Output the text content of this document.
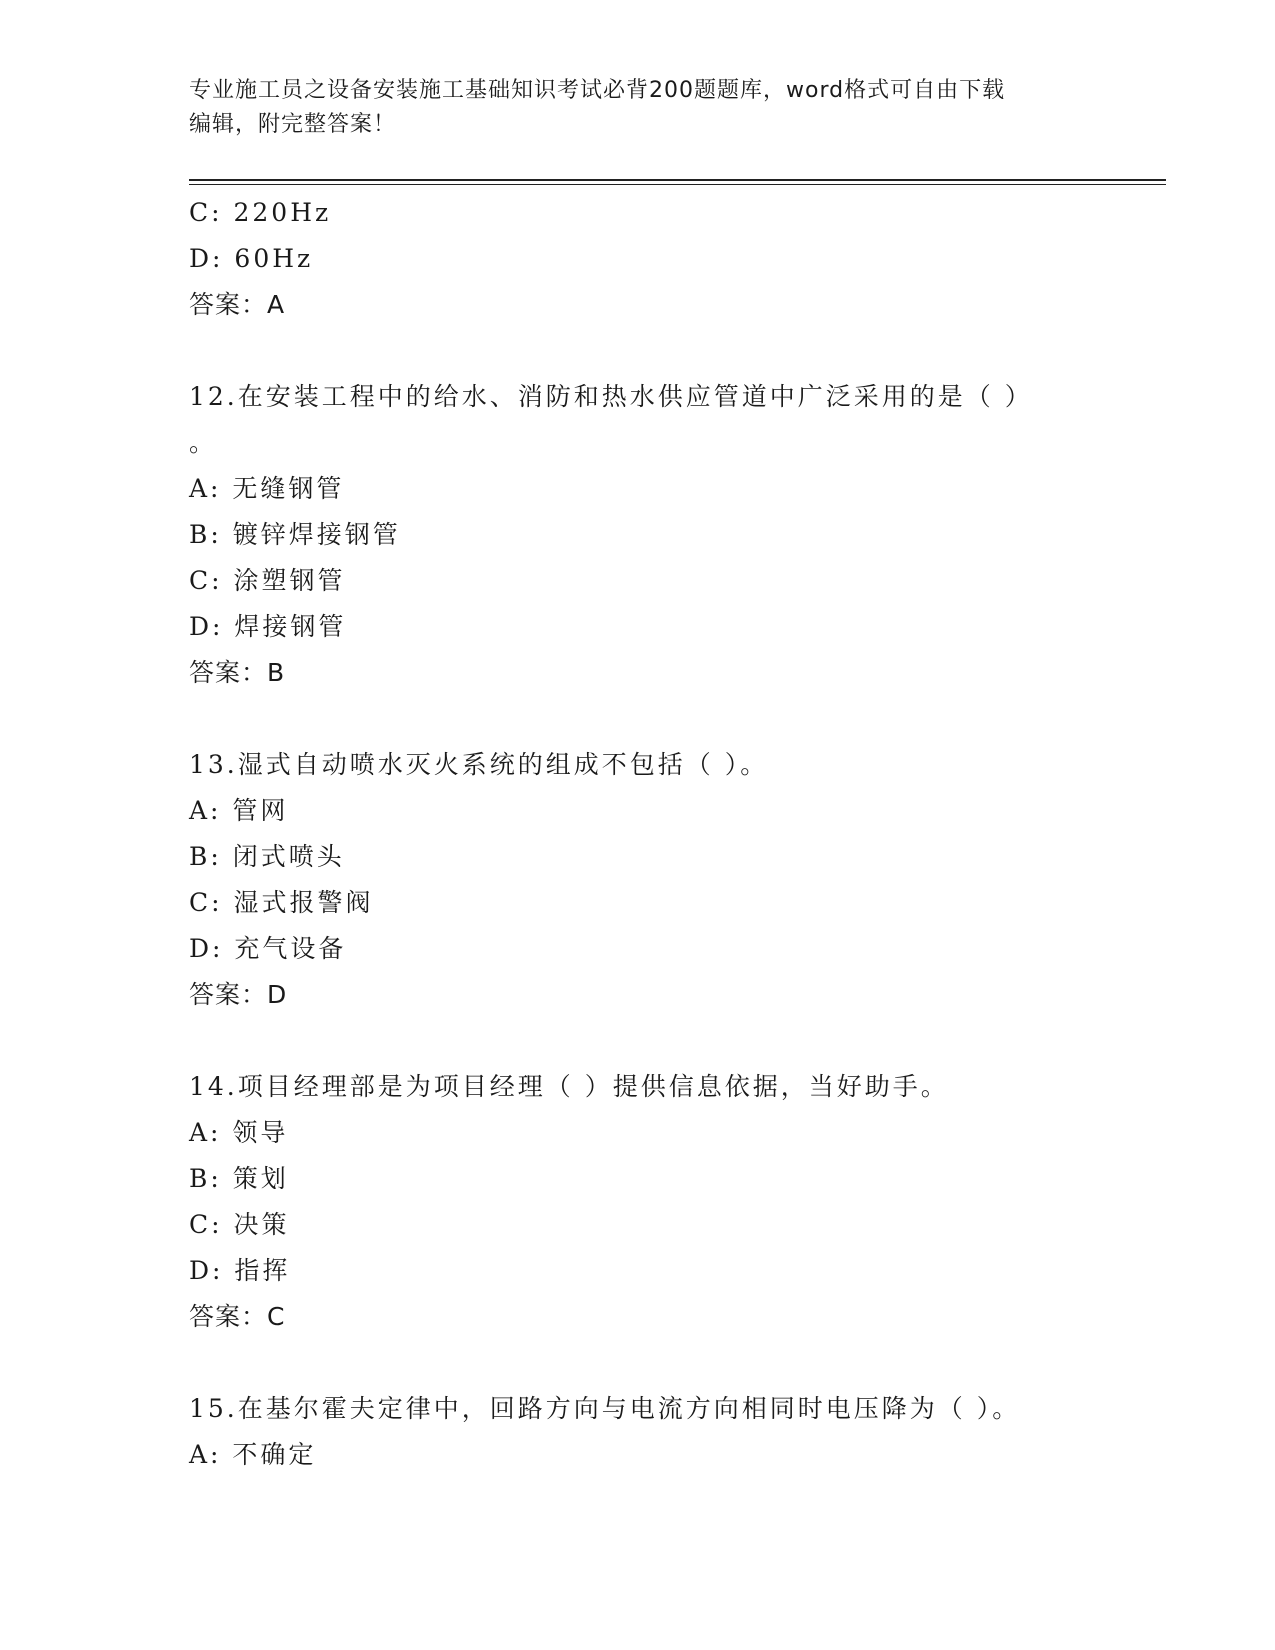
专业施工员之设备安装施工基础知识考试必背200题题库，word格式可自由下载
编辑，附完整答案！
C: 220Hz
D: 60Hz
答案：A
12.在安装工程中的给水、消防和热水供应管道中广泛采用的是（ ）
。
A: 无缝钢管
B: 镀锌焊接钢管
C: 涂塑钢管
D: 焊接钢管
答案：B
13.湿式自动喷水灭火系统的组成不包括（ ）。
A: 管网
B: 闭式喷头
C: 湿式报警阀
D: 充气设备
答案：D
14.项目经理部是为项目经理（ ）提供信息依据，当好助手。
A: 领导
B: 策划
C: 决策
D: 指挥
答案：C
15.在基尔霍夫定律中，回路方向与电流方向相同时电压降为（ ）。
A: 不确定
